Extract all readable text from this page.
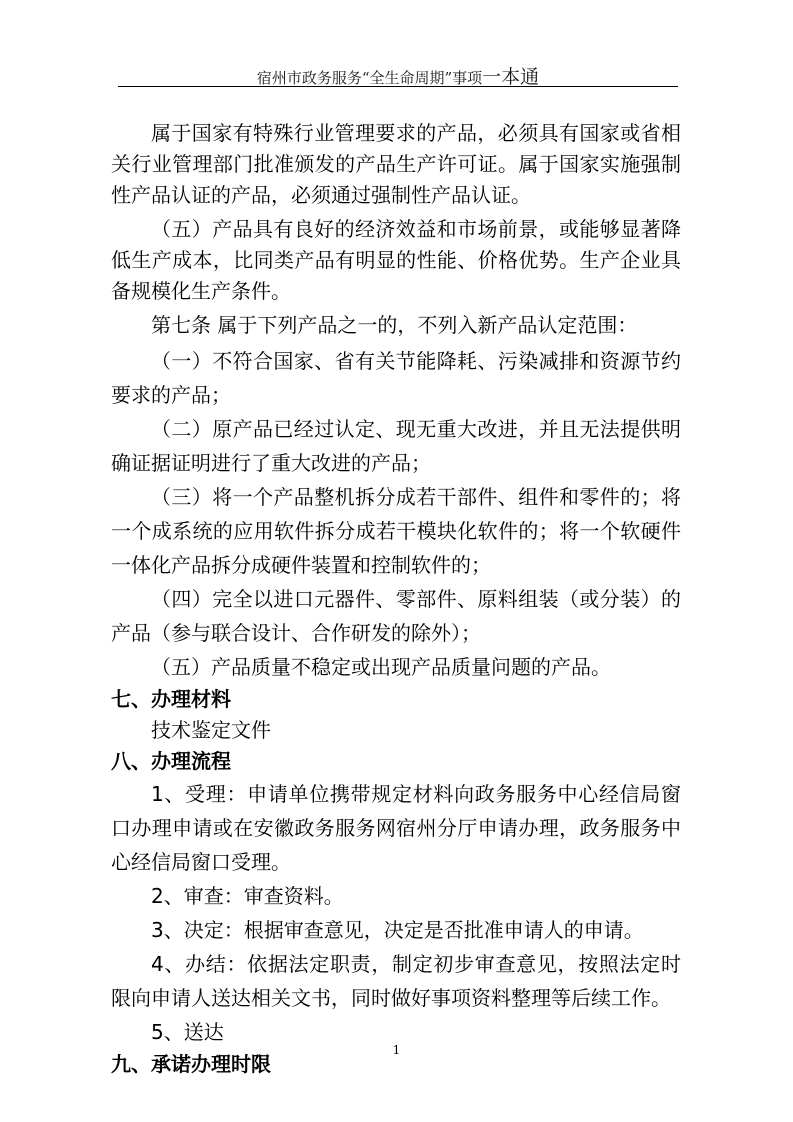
宿州市政务服务“全生命周期”事项一本通

属于国家有特殊行业管理要求的产品，必须具有国家或省相关行业管理部门批准颁发的产品生产许可证。属于国家实施强制性产品认证的产品，必须通过强制性产品认证。

（五）产品具有良好的经济效益和市场前景，或能够显著降低生产成本，比同类产品有明显的性能、价格优势。生产企业具备规模化生产条件。

第七条 属于下列产品之一的，不列入新产品认定范围：

（一）不符合国家、省有关节能降耗、污染减排和资源节约要求的产品；

（二）原产品已经过认定、现无重大改进，并且无法提供明确证据证明进行了重大改进的产品；

（三）将一个产品整机拆分成若干部件、组件和零件的；将一个成系统的应用软件拆分成若干模块化软件的；将一个软硬件一体化产品拆分成硬件装置和控制软件的；

（四）完全以进口元器件、零部件、原料组装（或分装）的产品（参与联合设计、合作研发的除外）；

（五）产品质量不稳定或出现产品质量问题的产品。

七、办理材料

技术鉴定文件

八、办理流程

1、受理：申请单位携带规定材料向政务服务中心经信局窗口办理申请或在安徽政务服务网宿州分厅申请办理，政务服务中心经信局窗口受理。

2、审查：审查资料。

3、决定：根据审查意见，决定是否批准申请人的申请。

4、办结：依据法定职责，制定初步审查意见，按照法定时限向申请人送达相关文书，同时做好事项资料整理等后续工作。

5、送达

九、承诺办理时限

1
